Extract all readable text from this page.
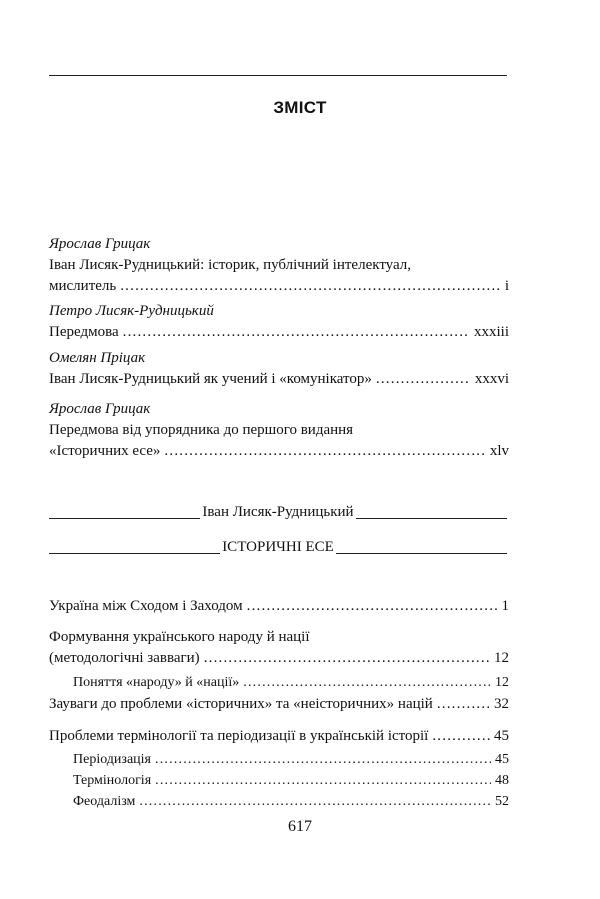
ЗМІСТ
Ярослав Грицак
Іван Лисяк-Рудницький: історик, публічний інтелектуал,
мислитель .....	i
Петро Лисяк-Рудницький
Передмова .....	xxxiii
Омелян Пріцак
Іван Лисяк-Рудницький як учений і «комунікатор» .....	xxxvi
Ярослав Грицак
Передмова від упорядника до першого видання
«Історичних есе» .....	xlv
Іван Лисяк-Рудницький
ІСТОРИЧНІ ЕСЕ
Україна між Сходом і Заходом .....	1
Формування українського народу й нації
(методологічні завваги) .....	12
Поняття «народу» й «нації» .....	12
Зауваги до проблеми «історичних» та «неісторичних» націй .....	32
Проблеми термінології та періодизації в українській історії .....	45
Періодизація .....	45
Термінологія .....	48
Феодалізм .....	52
617
